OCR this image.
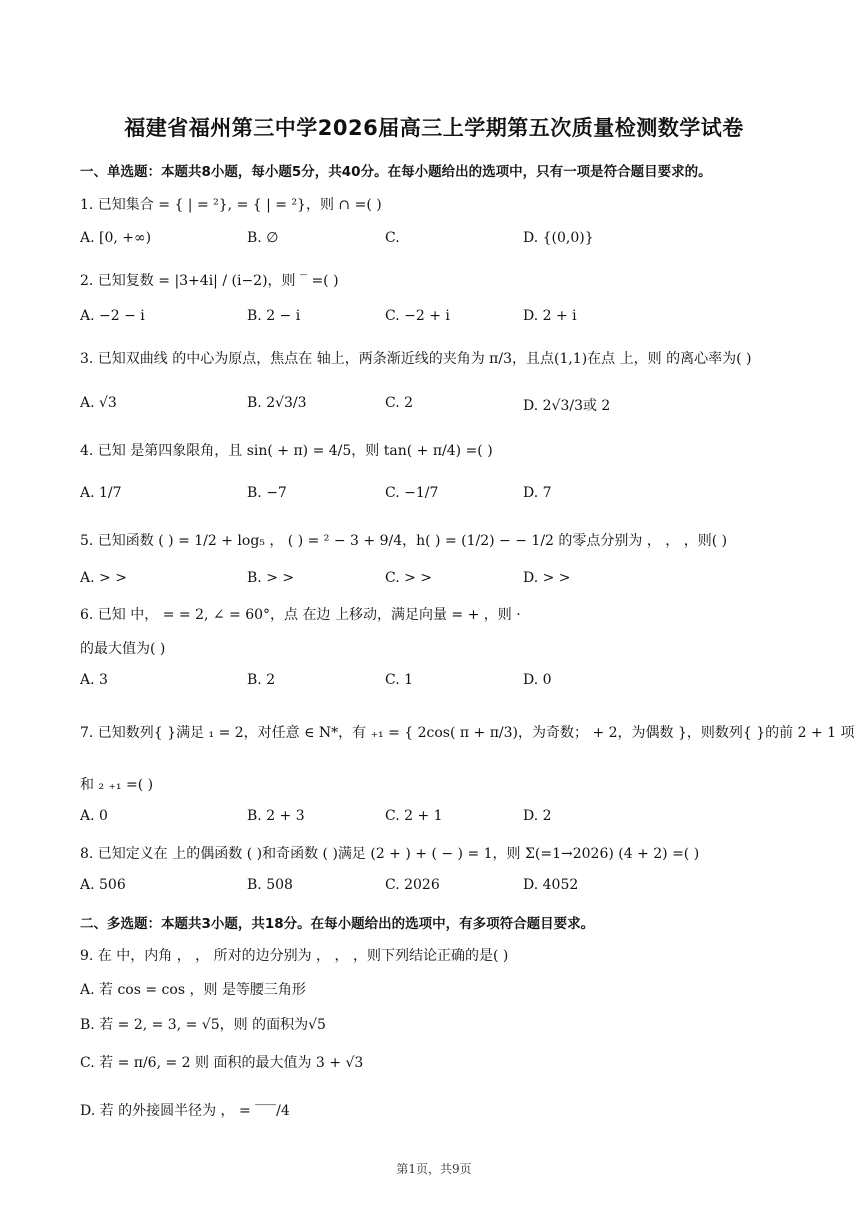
福建省福州第三中学2026届高三上学期第五次质量检测数学试卷
一、单选题：本题共8小题，每小题5分，共40分。在每小题给出的选项中，只有一项是符合题目要求的。
1. 已知集合 = { | = ²}, = { | = ²}，则 ∩ =( )
A. [0, +∞)	B. ∅	C.	D. {(0,0)}
2. 已知复数 = |3+4i| / (i−2)，则 ‾ =( )
A. −2 − i	B. 2 − i	C. −2 + i	D. 2 + i
3. 已知双曲线 的中心为原点，焦点在 轴上，两条渐近线的夹角为 π/3，且点(1,1)在点 上，则 的离心率为( )
A. √3	B. 2√3/3	C. 2	D. 2√3/3或 2
4. 已知 是第四象限角，且 sin( + π) = 4/5，则 tan( + π/4) =( )
A. 1/7	B. −7	C. −1/7	D. 7
5. 已知函数 ( ) = 1/2 + log₅ ， ( ) = ² − 3 + 9/4，h( ) = (1/2) − − 1/2 的零点分别为 ， ， ，则( )
A. > >	B. > >	C. > >	D. > >
6. 已知 中， = = 2, ∠ = 60°，点 在边 上移动，满足向量 = + ，则 ·
的最大值为( )
A. 3	B. 2	C. 1	D. 0
7. 已知数列{ }满足 ₁ = 2，对任意 ∈ N*，有 ₊₁ = { 2cos( π + π/3)，为奇数； + 2，为偶数 }，则数列{ }的前 2 + 1 项
和 ₂ ₊₁ =( )
A. 0	B. 2 + 3	C. 2 + 1	D. 2
8. 已知定义在 上的偶函数 ( )和奇函数 ( )满足 (2 + ) + ( − ) = 1，则 Σ(=1→2026) (4 + 2) =( )
A. 506	B. 508	C. 2026	D. 4052
二、多选题：本题共3小题，共18分。在每小题给出的选项中，有多项符合题目要求。
9. 在 中，内角 ， ， 所对的边分别为 ， ， ，则下列结论正确的是( )
A. 若 cos = cos ，则 是等腰三角形
B. 若 = 2, = 3, = √5，则 的面积为√5
C. 若 = π/6, = 2 则 面积的最大值为 3 + √3
D. 若 的外接圆半径为 ， = ‾‾‾/4
第1页，共9页
